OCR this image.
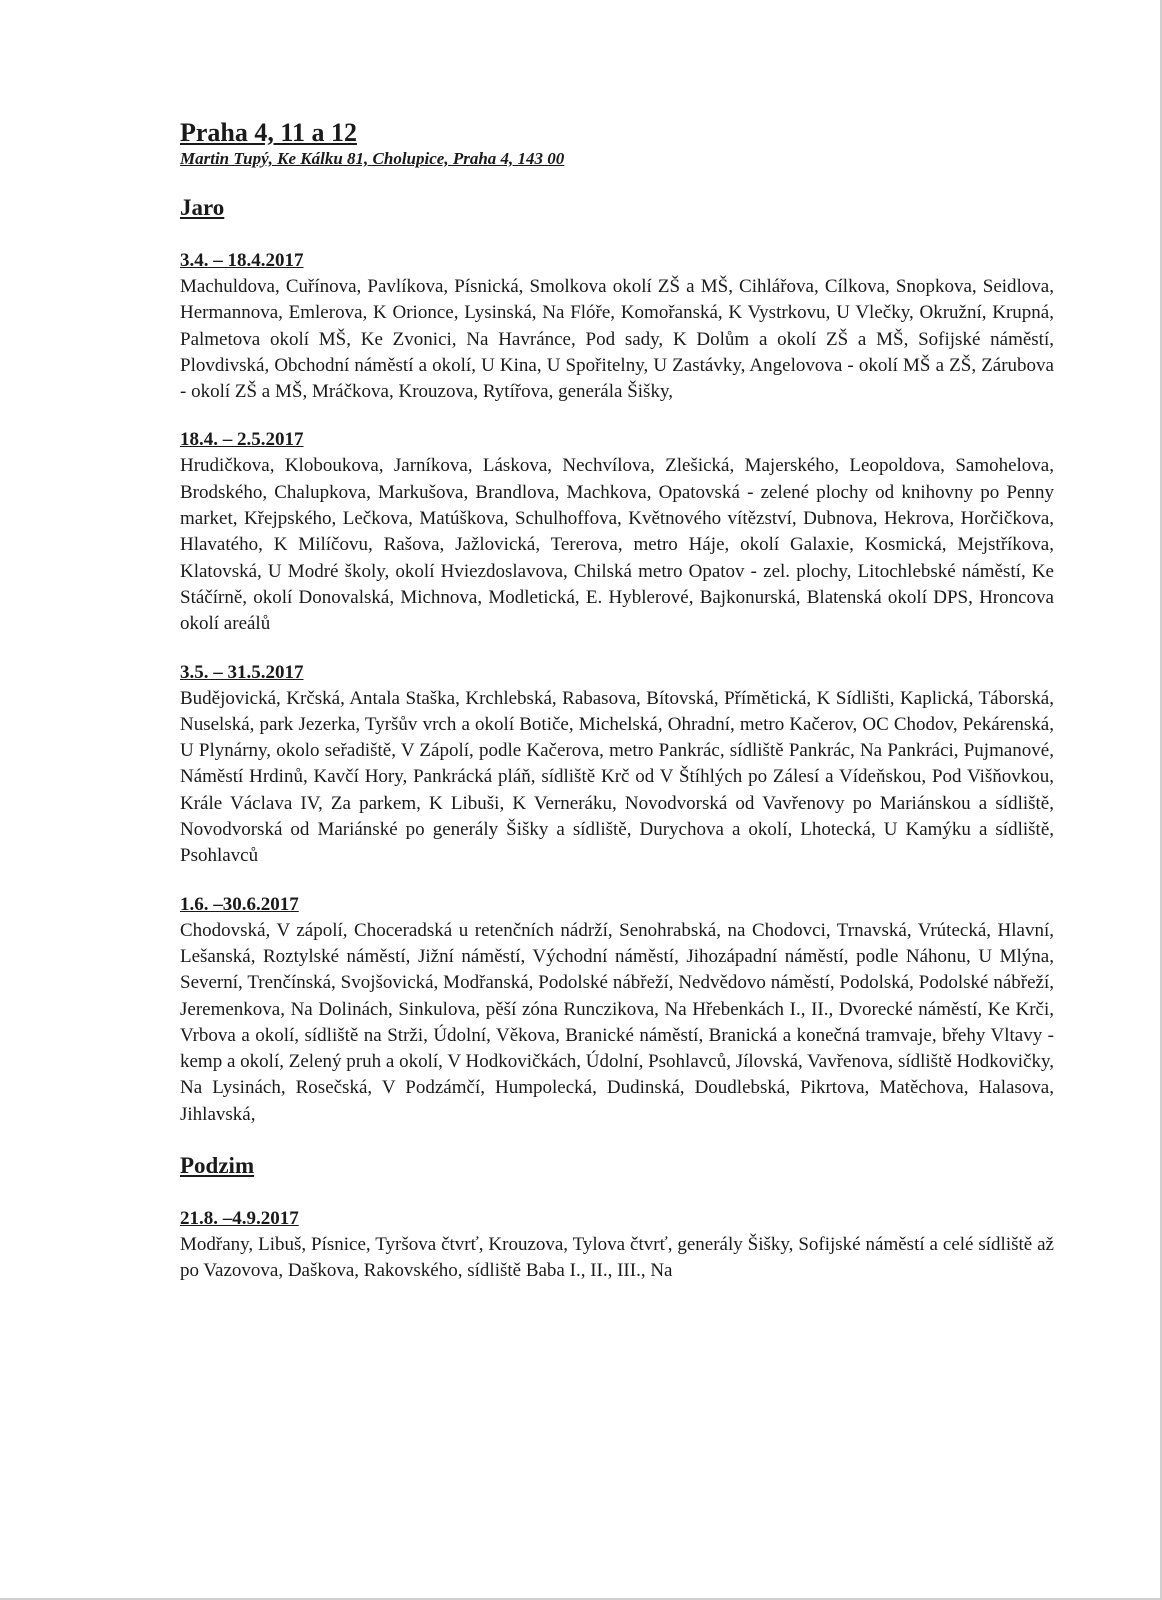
Praha 4, 11 a 12

Martin Tupý, Ke Kálku 81, Cholupice, Praha 4, 143 00

Jaro

3.4. – 18.4.2017

Machuldova, Cuřínova, Pavlíkova, Písnická, Smolkova okolí ZŠ a MŠ, Cihlářova, Cílkova, Snopkova, Seidlova, Hermannova, Emlerova, K Orionce, Lysinská, Na Flóře, Komořanská, K Vystrkovu, U Vlečky, Okružní, Krupná, Palmetova okolí MŠ, Ke Zvonici, Na Havránce, Pod sady, K Dolům a okolí ZŠ a MŠ, Sofijské náměstí, Plovdivská, Obchodní náměstí a okolí, U Kina, U Spořitelny, U Zastávky, Angelovova - okolí MŠ a ZŠ, Zárubova - okolí ZŠ a MŠ, Mráčkova, Krouzova, Rytířova, generála Šišky,

18.4. – 2.5.2017

Hrudičkova, Kloboukova, Jarníkova, Láskova, Nechvílova, Zlešická, Majerského, Leopoldova, Samohelova, Brodského, Chalupkova, Markušova, Brandlova, Machkova, Opatovská - zelené plochy od knihovny po Penny market, Křejpského, Lečkova, Matúškova, Schulhoffova, Květnového vítězství, Dubnova, Hekrova, Horčičkova, Hlavatého, K Milíčovu, Rašova, Jažlovická, Tererova, metro Háje, okolí Galaxie, Kosmická, Mejstříkova, Klatovská, U Modré školy, okolí Hviezdoslavova, Chilská metro Opatov - zel. plochy, Litochlebské náměstí, Ke Stáčírně, okolí Donovalská, Michnova, Modletická, E. Hyblerové, Bajkonurská, Blatenská okolí DPS, Hroncova okolí areálů

3.5. – 31.5.2017

Budějovická, Krčská, Antala Staška, Krchlebská, Rabasova, Bítovská, Přímětická, K Sídlišti, Kaplická, Táborská, Nuselská, park Jezerka, Tyršův vrch a okolí Botiče, Michelská, Ohradní, metro Kačerov, OC Chodov, Pekárenská, U Plynárny, okolo seřadiště, V Zápolí, podle Kačerova, metro Pankrác, sídliště Pankrác, Na Pankráci, Pujmanové, Náměstí Hrdinů, Kavčí Hory, Pankrácká pláň, sídliště Krč od V Štíhlých po Zálesí a Vídeňskou, Pod Višňovkou, Krále Václava IV, Za parkem, K Libuši, K Verneráku, Novodvorská od Vavřenovy po Mariánskou a sídliště, Novodvorská od Mariánské po generály Šišky a sídliště, Durychova a okolí, Lhotecká, U Kamýku a sídliště, Psohlavců

1.6. –30.6.2017

Chodovská, V zápolí, Choceradská u retenčních nádrží, Senohrabská, na Chodovci, Trnavská, Vrútecká, Hlavní, Lešanská, Roztylské náměstí, Jižní náměstí, Východní náměstí, Jihozápadní náměstí, podle Náhonu, U Mlýna, Severní, Trenčínská, Svojšovická, Modřanská, Podolské nábřeží, Nedvědovo náměstí, Podolská, Podolské nábřeží, Jeremenkova, Na Dolinách, Sinkulova, pěší zóna Runczikova, Na Hřebenkách I., II., Dvorecké náměstí, Ke Krči, Vrbova a okolí, sídliště na Strži, Údolní, Věkova, Branické náměstí, Branická a konečná tramvaje, břehy Vltavy - kemp a okolí, Zelený pruh a okolí, V Hodkovičkách, Údolní, Psohlavců, Jílovská, Vavřenova, sídliště Hodkovičky, Na Lysinách, Rosečská, V Podzámčí, Humpolecká, Dudinská, Doudlebská, Pikrtova, Matěchova, Halasova, Jihlavská,

Podzim

21.8. –4.9.2017

Modřany, Libuš, Písnice, Tyršova čtvrť, Krouzova, Tylova čtvrť, generály Šišky, Sofijské náměstí a celé sídliště až po Vazovova, Daškova, Rakovského, sídliště Baba I., II., III., Na
